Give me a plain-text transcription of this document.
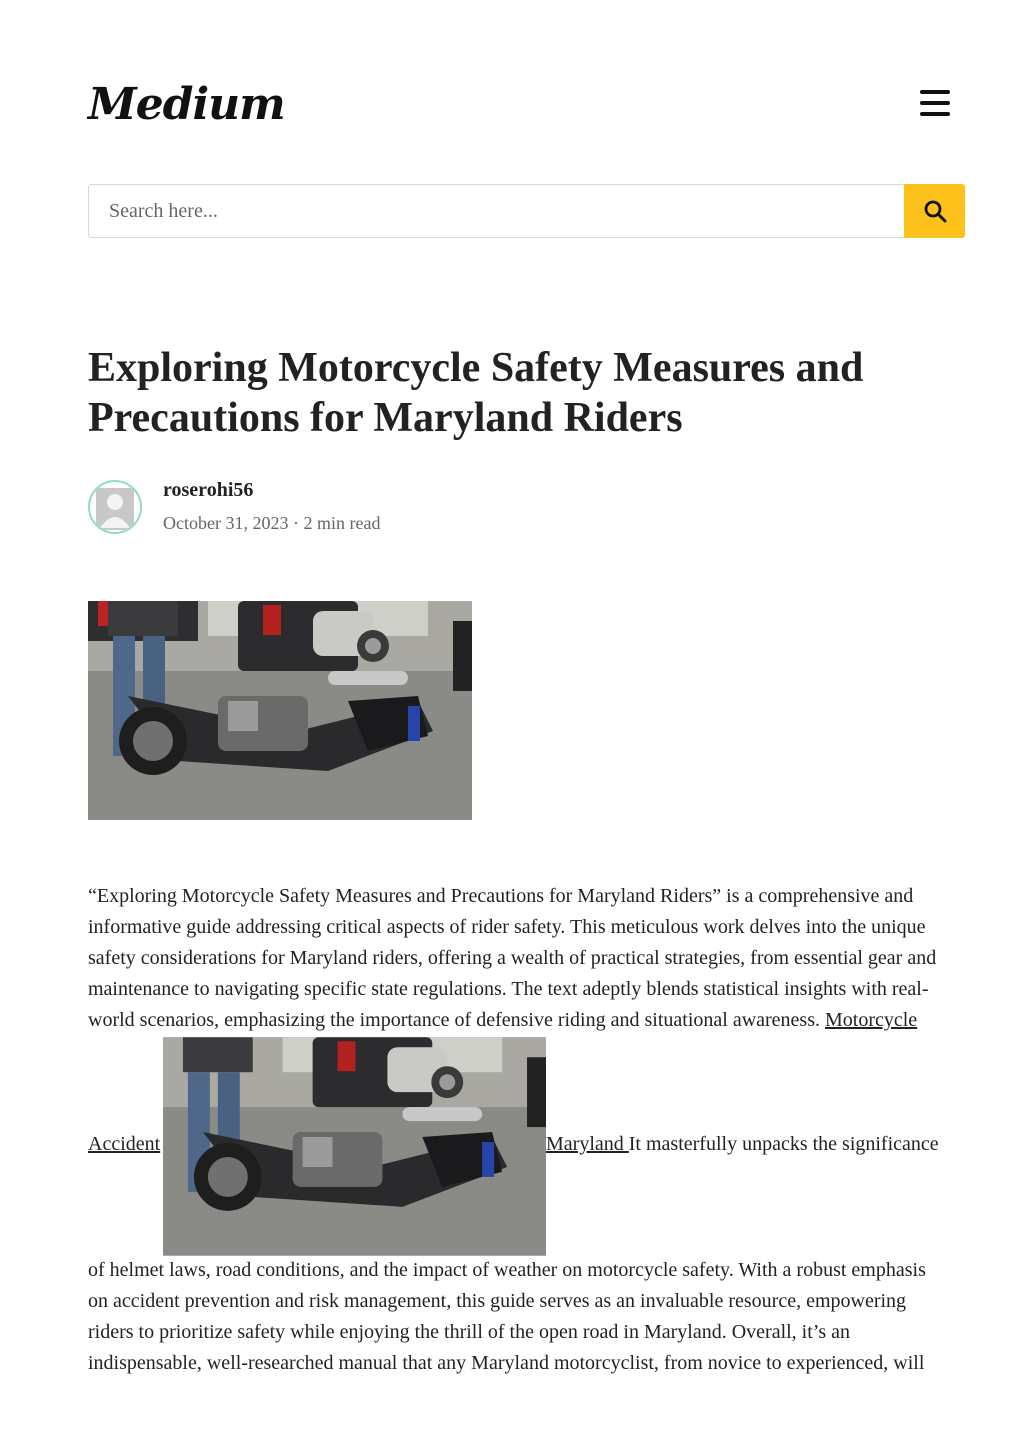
Medium
Search here...
Exploring Motorcycle Safety Measures and
Precautions for Maryland Riders
roserohi56
October 31, 2023 · 2 min read
“Exploring Motorcycle Safety Measures and Precautions for Maryland Riders” is a comprehensive and
informative guide addressing critical aspects of rider safety. This meticulous work delves into the unique
safety considerations for Maryland riders, offering a wealth of practical strategies, from essential gear and
maintenance to navigating specific state regulations. The text adeptly blends statistical insights with real-
world scenarios, emphasizing the importance of defensive riding and situational awareness. Motorcycle
Accident	Maryland It masterfully unpacks the significance
of helmet laws, road conditions, and the impact of weather on motorcycle safety. With a robust emphasis
on accident prevention and risk management, this guide serves as an invaluable resource, empowering
riders to prioritize safety while enjoying the thrill of the open road in Maryland. Overall, it’s an
indispensable, well-researched manual that any Maryland motorcyclist, from novice to experienced, will
